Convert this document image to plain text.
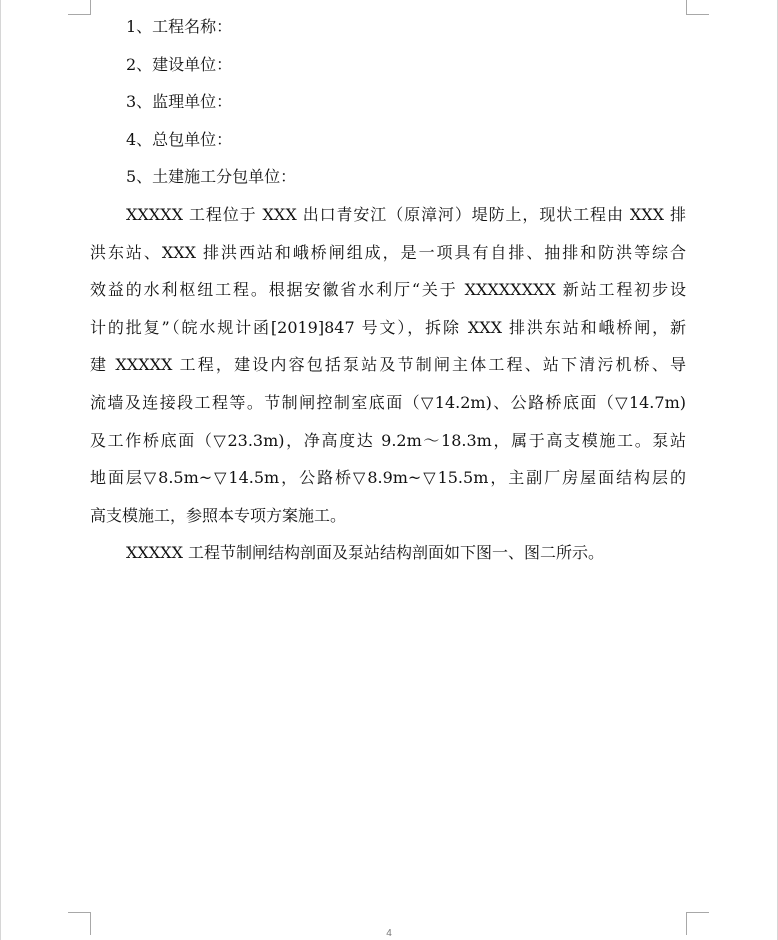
1、工程名称：
2、建设单位：
3、监理单位：
4、总包单位：
5、土建施工分包单位：
XXXXX 工程位于 XXX 出口青安江（原漳河）堤防上，现状工程由 XXX 排
洪东站、XXX 排洪西站和峨桥闸组成，是一项具有自排、抽排和防洪等综合
效益的水利枢纽工程。根据安徽省水利厅“关于 XXXXXXXX 新站工程初步设
计的批复”（皖水规计函[2019]847 号文），拆除 XXX 排洪东站和峨桥闸，新
建 XXXXX 工程，建设内容包括泵站及节制闸主体工程、站下清污机桥、导
流墙及连接段工程等。节制闸控制室底面（▽14.2m)、公路桥底面（▽14.7m)
及工作桥底面（▽23.3m)，净高度达 9.2m～18.3m，属于高支模施工。泵站
地面层▽8.5m~▽14.5m，公路桥▽8.9m~▽15.5m，主副厂房屋面结构层的
高支模施工，参照本专项方案施工。
XXXXX 工程节制闸结构剖面及泵站结构剖面如下图一、图二所示。
4
